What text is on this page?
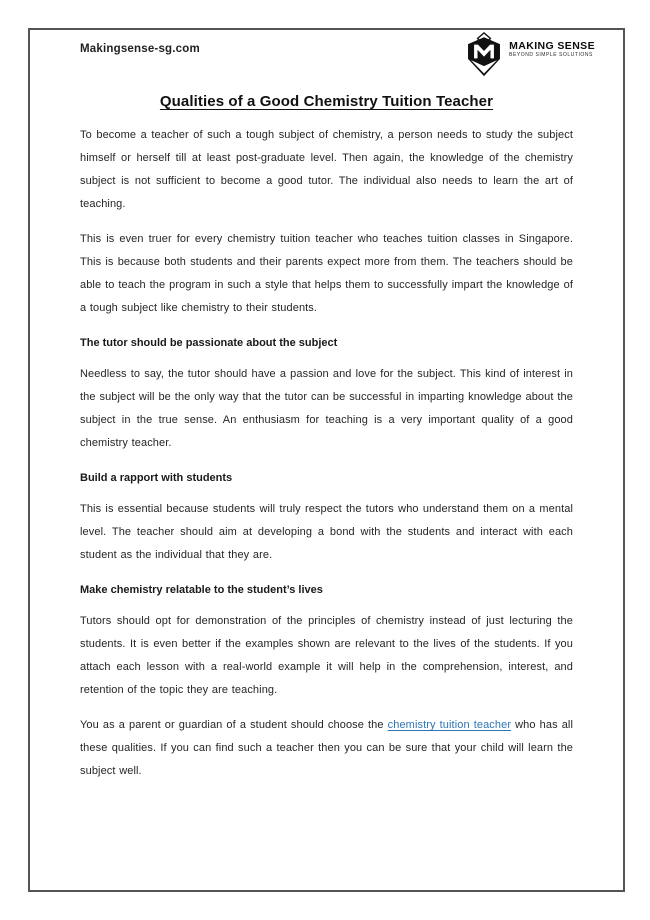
Makingsense-sg.com	MAKING SENSE
BEYOND SIMPLE SOLUTIONS
Qualities of a Good Chemistry Tuition Teacher

To become a teacher of such a tough subject of chemistry, a person needs to study the subject himself or herself till at least post-graduate level. Then again, the knowledge of the chemistry subject is not sufficient to become a good tutor. The individual also needs to learn the art of teaching.

This is even truer for every chemistry tuition teacher who teaches tuition classes in Singapore. This is because both students and their parents expect more from them. The teachers should be able to teach the program in such a style that helps them to successfully impart the knowledge of a tough subject like chemistry to their students.

The tutor should be passionate about the subject

Needless to say, the tutor should have a passion and love for the subject. This kind of interest in the subject will be the only way that the tutor can be successful in imparting knowledge about the subject in the true sense. An enthusiasm for teaching is a very important quality of a good chemistry teacher.

Build a rapport with students

This is essential because students will truly respect the tutors who understand them on a mental level. The teacher should aim at developing a bond with the students and interact with each student as the individual that they are.

Make chemistry relatable to the student’s lives

Tutors should opt for demonstration of the principles of chemistry instead of just lecturing the students. It is even better if the examples shown are relevant to the lives of the students. If you attach each lesson with a real-world example it will help in the comprehension, interest, and retention of the topic they are teaching.

You as a parent or guardian of a student should choose the chemistry tuition teacher who has all these qualities. If you can find such a teacher then you can be sure that your child will learn the subject well.
